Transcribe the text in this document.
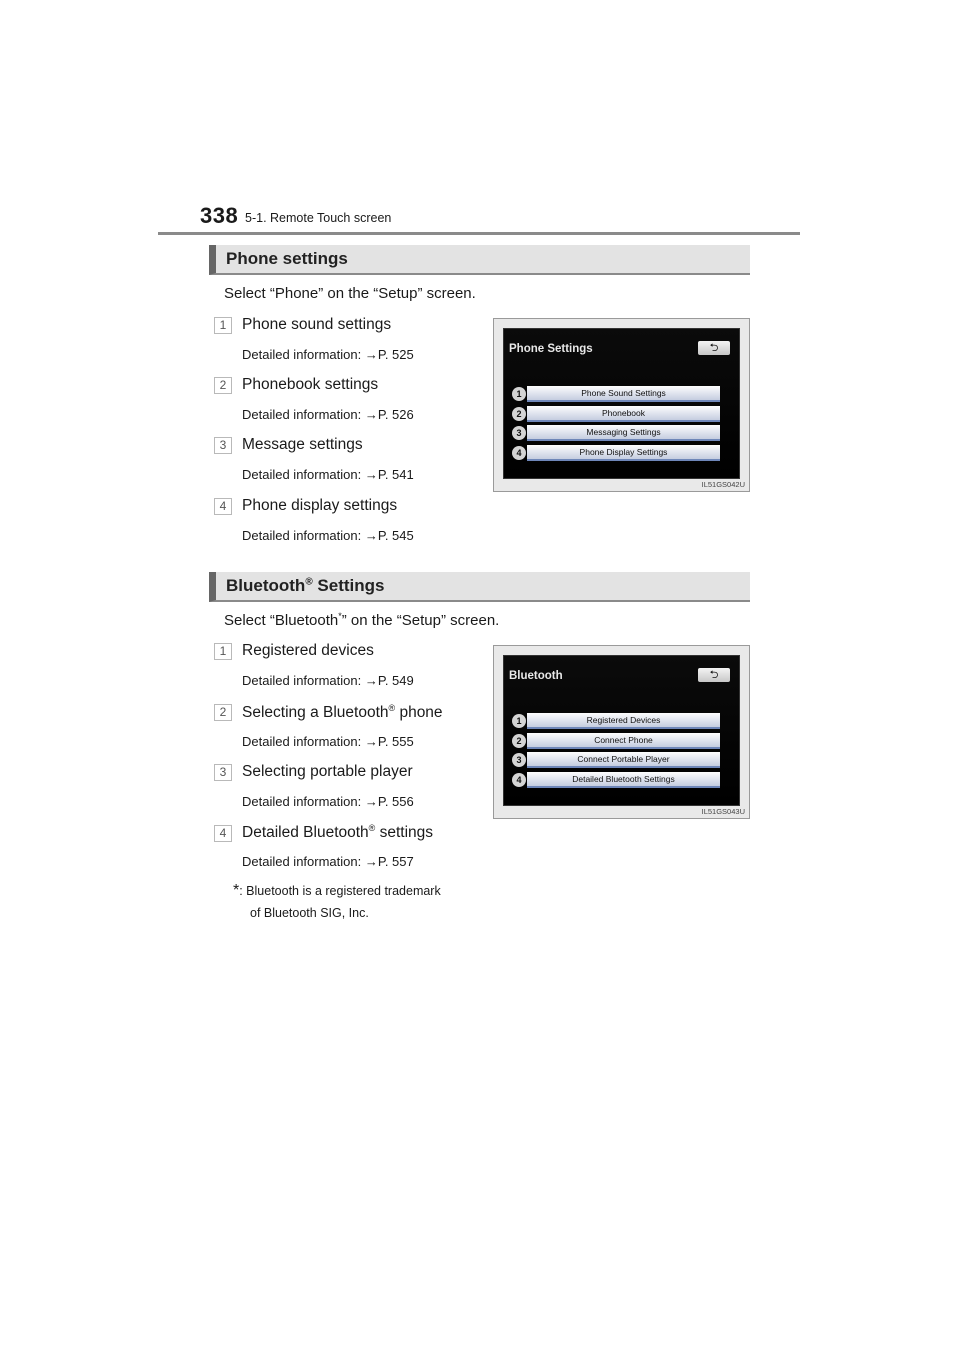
338 5-1. Remote Touch screen
Phone settings
Select “Phone” on the “Setup” screen.
1	Phone sound settings
Detailed information: →P. 525
2	Phonebook settings
Detailed information: →P. 526
3	Message settings
Detailed information: →P. 541
4	Phone display settings
Detailed information: →P. 545
Phone Settings	⮌
1	Phone Sound Settings
2	Phonebook
3	Messaging Settings
4	Phone Display Settings
IL51GS042U
Bluetooth® Settings
Select “Bluetooth*” on the “Setup” screen.
1	Registered devices
Detailed information: →P. 549
2	Selecting a Bluetooth® phone
Detailed information: →P. 555
3	Selecting portable player
Detailed information: →P. 556
4	Detailed Bluetooth® settings
Detailed information: →P. 557
*: Bluetooth is a registered trademark
of Bluetooth SIG, Inc.
Bluetooth	⮌
1	Registered Devices
2	Connect Phone
3	Connect Portable Player
4	Detailed Bluetooth Settings
IL51GS043U
